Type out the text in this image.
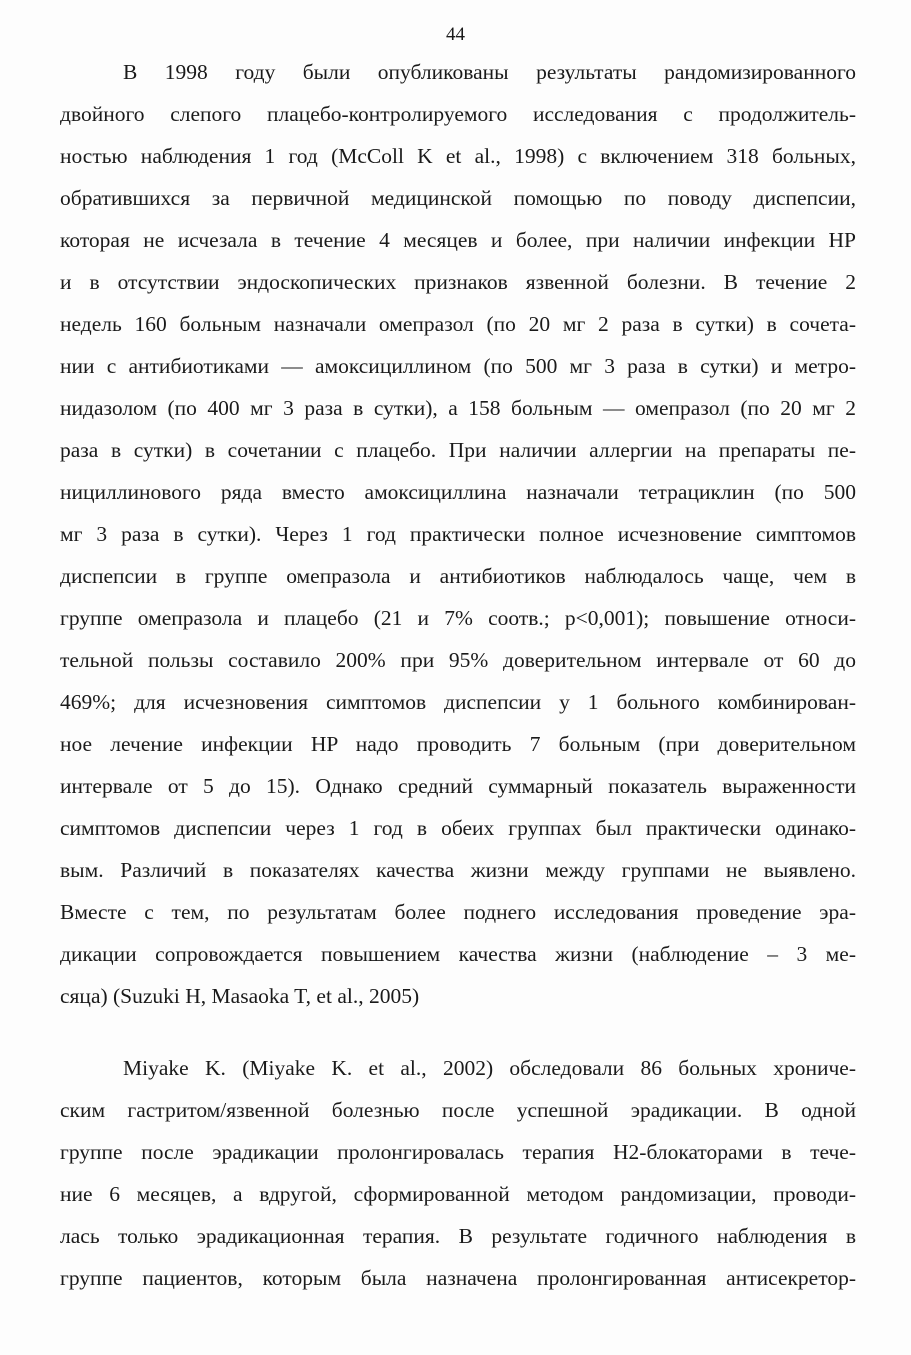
44
В 1998 году были опубликованы результаты рандомизированного
двойного слепого плацебо-контролируемого исследования с продолжитель-
ностью наблюдения 1 год (McColl K et al., 1998) с включением 318 больных,
обратившихся за первичной медицинской помощью по поводу диспепсии,
которая не исчезала в течение 4 месяцев и более, при наличии инфекции HP
и в отсутствии эндоскопических признаков язвенной болезни. В течение 2
недель 160 больным назначали омепразол (по 20 мг 2 раза в сутки) в сочета-
нии с антибиотиками — амоксициллином (по 500 мг 3 раза в сутки) и метро-
нидазолом (по 400 мг 3 раза в сутки), а 158 больным — омепразол (по 20 мг 2
раза в сутки) в сочетании с плацебо. При наличии аллергии на препараты пе-
нициллинового ряда вместо амоксициллина назначали тетрациклин (по 500
мг 3 раза в сутки). Через 1 год практически полное исчезновение симптомов
диспепсии в группе омепразола и антибиотиков наблюдалось чаще, чем в
группе омепразола и плацебо (21 и 7% соотв.; p<0,001); повышение относи-
тельной пользы составило 200% при 95% доверительном интервале от 60 до
469%; для исчезновения симптомов диспепсии у 1 больного комбинирован-
ное лечение инфекции HP надо проводить 7 больным (при доверительном
интервале от 5 до 15). Однако средний суммарный показатель выраженности
симптомов диспепсии через 1 год в обеих группах был практически одинако-
вым. Различий в показателях качества жизни между группами не выявлено.
Вместе с тем, по результатам более поднего исследования проведение эра-
дикации сопровождается повышением качества жизни (наблюдение – 3 ме-
сяца) (Suzuki H, Masaoka T, et al., 2005)
Miyake K. (Miyake K. et al., 2002) обследовали 86 больных хрониче-
ским гастритом/язвенной болезнью после успешной эрадикации. В одной
группе после эрадикации пролонгировалась терапия H2-блокаторами в тече-
ние 6 месяцев, а вдругой, сформированной методом рандомизации, проводи-
лась только эрадикационная терапия. В результате годичного наблюдения в
группе пациентов, которым была назначена пролонгированная антисекретор-
